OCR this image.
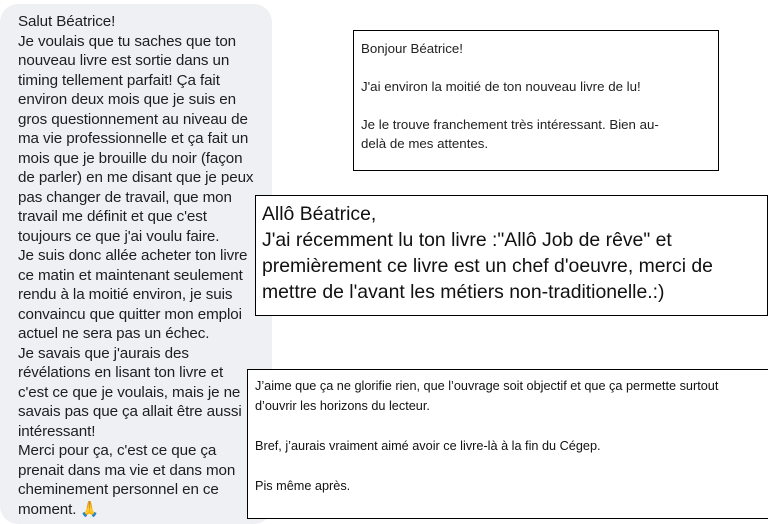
Salut Béatrice!

Je voulais que tu saches que ton
nouveau livre est sortie dans un
timing tellement parfait! Ça fait
environ deux mois que je suis en
gros questionnement au niveau de
ma vie professionnelle et ça fait un
mois que je brouille du noir (façon
de parler) en me disant que je peux
pas changer de travail, que mon
travail me définit et que c'est
toujours ce que j'ai voulu faire.
Je suis donc allée acheter ton livre
ce matin et maintenant seulement
rendu à la moitié environ, je suis
convaincu que quitter mon emploi
actuel ne sera pas un échec.
Je savais que j'aurais des
révélations en lisant ton livre et
c'est ce que je voulais, mais je ne
savais pas que ça allait être aussi
intéressant!
Merci pour ça, c'est ce que ça
prenait dans ma vie et dans mon
cheminement personnel en ce
moment. 🙏

Bonjour Béatrice!

J'ai environ la moitié de ton nouveau livre de lu!

Je le trouve franchement très intéressant. Bien au-
delà de mes attentes.

Allô Béatrice,

J'ai récemment lu ton livre :"Allô Job de rêve" et premièrement ce livre est un chef d'oeuvre, merci de mettre de l'avant les métiers non-traditionelle.:)

J’aime que ça ne glorifie rien, que l’ouvrage soit objectif et que ça permette surtout d’ouvrir les horizons du lecteur.

Bref, j’aurais vraiment aimé avoir ce livre-là à la fin du Cégep.

Pis même après.
